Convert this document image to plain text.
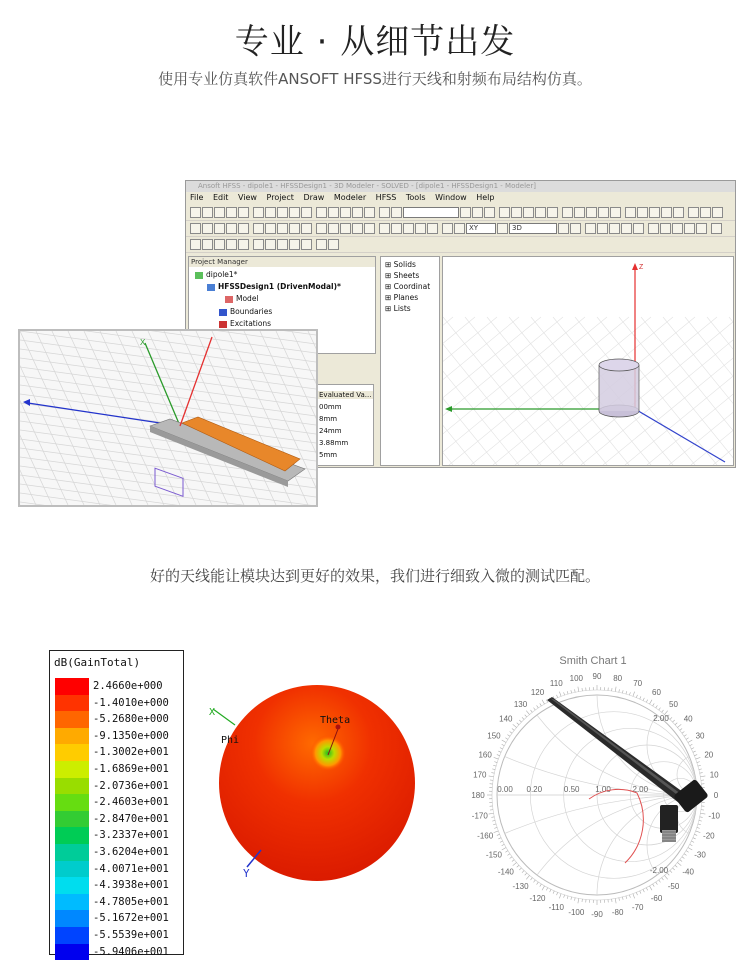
专业 · 从细节出发
使用专业仿真软件ANSOFT HFSS进行天线和射频布局结构仿真。
Ansoft HFSS - dipole1 - HFSSDesign1 - 3D Modeler - SOLVED - [dipole1 - HFSSDesign1 - Modeler]
File Edit View Project Draw Modeler HFSS Tools Window Help
XY	3D
Project Manager
dipole1*
HFSSDesign1 (DrivenModal)*
Model
Boundaries
Excitations
Evaluated Va...
00mm
8mm
24mm
3.88mm
5mm
⊞ Solids
⊞ Sheets
⊞ Coordinat
⊞ Planes
⊞ Lists
Z
X
好的天线能让模块达到更好的效果，我们进行细致入微的测试匹配。
dB(GainTotal)
2.4660e+000
-1.4010e+000
-5.2680e+000
-9.1350e+000
-1.3002e+001
-1.6869e+001
-2.0736e+001
-2.4603e+001
-2.8470e+001
-3.2337e+001
-3.6204e+001
-4.0071e+001
-4.3938e+001
-4.7805e+001
-5.1672e+001
-5.5539e+001
-5.9406e+001
Theta
X
Phi
Y
Smith Chart 1
90
100	80
110	70
120	60
130	50
140	40
150	30
160	20
170	10
180	0
-170	-10
-160	-20
-150	-30
-140	-40
-130	-50
-120	-60
-110	-70
-100	-80
-90
0.00 0.20	0.50 1.00	2.00
2.00
-2.00
